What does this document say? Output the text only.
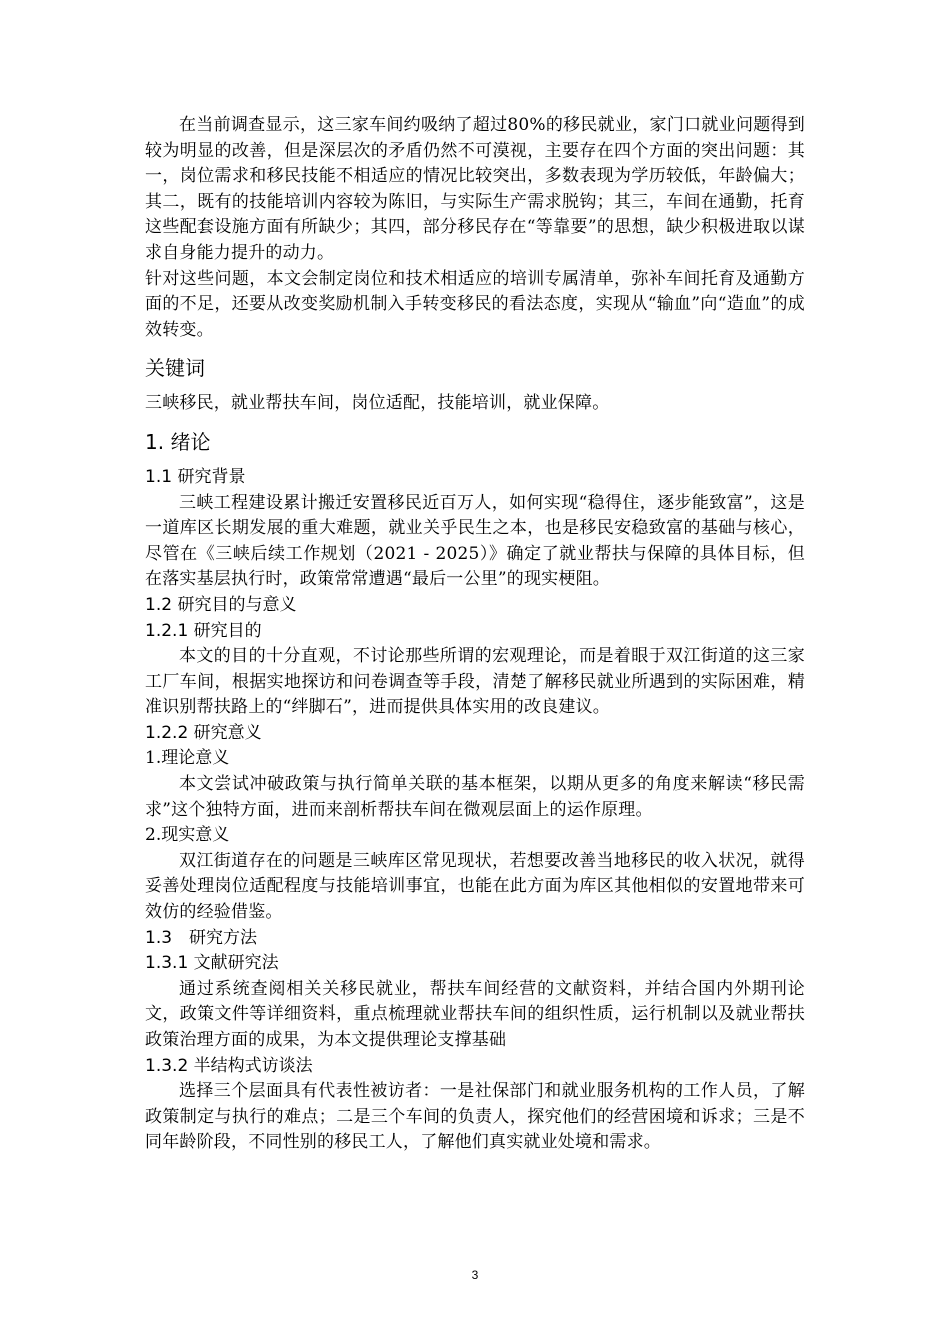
在当前调查显示，这三家车间约吸纳了超过80%的移民就业，家门口就业问题得到较为明显的改善，但是深层次的矛盾仍然不可漠视，主要存在四个方面的突出问题：其一，岗位需求和移民技能不相适应的情况比较突出，多数表现为学历较低，年龄偏大；其二，既有的技能培训内容较为陈旧，与实际生产需求脱钩；其三，车间在通勤，托育这些配套设施方面有所缺少；其四，部分移民存在“等靠要”的思想，缺少积极进取以谋求自身能力提升的动力。

针对这些问题，本文会制定岗位和技术相适应的培训专属清单，弥补车间托育及通勤方面的不足，还要从改变奖励机制入手转变移民的看法态度，实现从“输血”向“造血”的成效转变。

关键词

三峡移民，就业帮扶车间，岗位适配，技能培训，就业保障。

1. 绪论
1.1 研究背景

三峡工程建设累计搬迁安置移民近百万人，如何实现“稳得住，逐步能致富”，这是一道库区长期发展的重大难题，就业关乎民生之本，也是移民安稳致富的基础与核心，尽管在《三峡后续工作规划（2021 - 2025）》确定了就业帮扶与保障的具体目标，但在落实基层执行时，政策常常遭遇“最后一公里”的现实梗阻。

1.2 研究目的与意义
1.2.1 研究目的

本文的目的十分直观，不讨论那些所谓的宏观理论，而是着眼于双江街道的这三家工厂车间，根据实地探访和问卷调查等手段，清楚了解移民就业所遇到的实际困难，精准识别帮扶路上的“绊脚石”，进而提供具体实用的改良建议。

1.2.2 研究意义
1.理论意义

本文尝试冲破政策与执行简单关联的基本框架，以期从更多的角度来解读“移民需求”这个独特方面，进而来剖析帮扶车间在微观层面上的运作原理。

2.现实意义

双江街道存在的问题是三峡库区常见现状，若想要改善当地移民的收入状况，就得妥善处理岗位适配程度与技能培训事宜，也能在此方面为库区其他相似的安置地带来可效仿的经验借鉴。

1.3　研究方法
1.3.1 文献研究法

通过系统查阅相关关移民就业，帮扶车间经营的文献资料，并结合国内外期刊论文，政策文件等详细资料，重点梳理就业帮扶车间的组织性质，运行机制以及就业帮扶政策治理方面的成果，为本文提供理论支撑基础

1.3.2 半结构式访谈法

选择三个层面具有代表性被访者：一是社保部门和就业服务机构的工作人员，了解政策制定与执行的难点；二是三个车间的负责人，探究他们的经营困境和诉求；三是不同年龄阶段，不同性别的移民工人，了解他们真实就业处境和需求。

3
